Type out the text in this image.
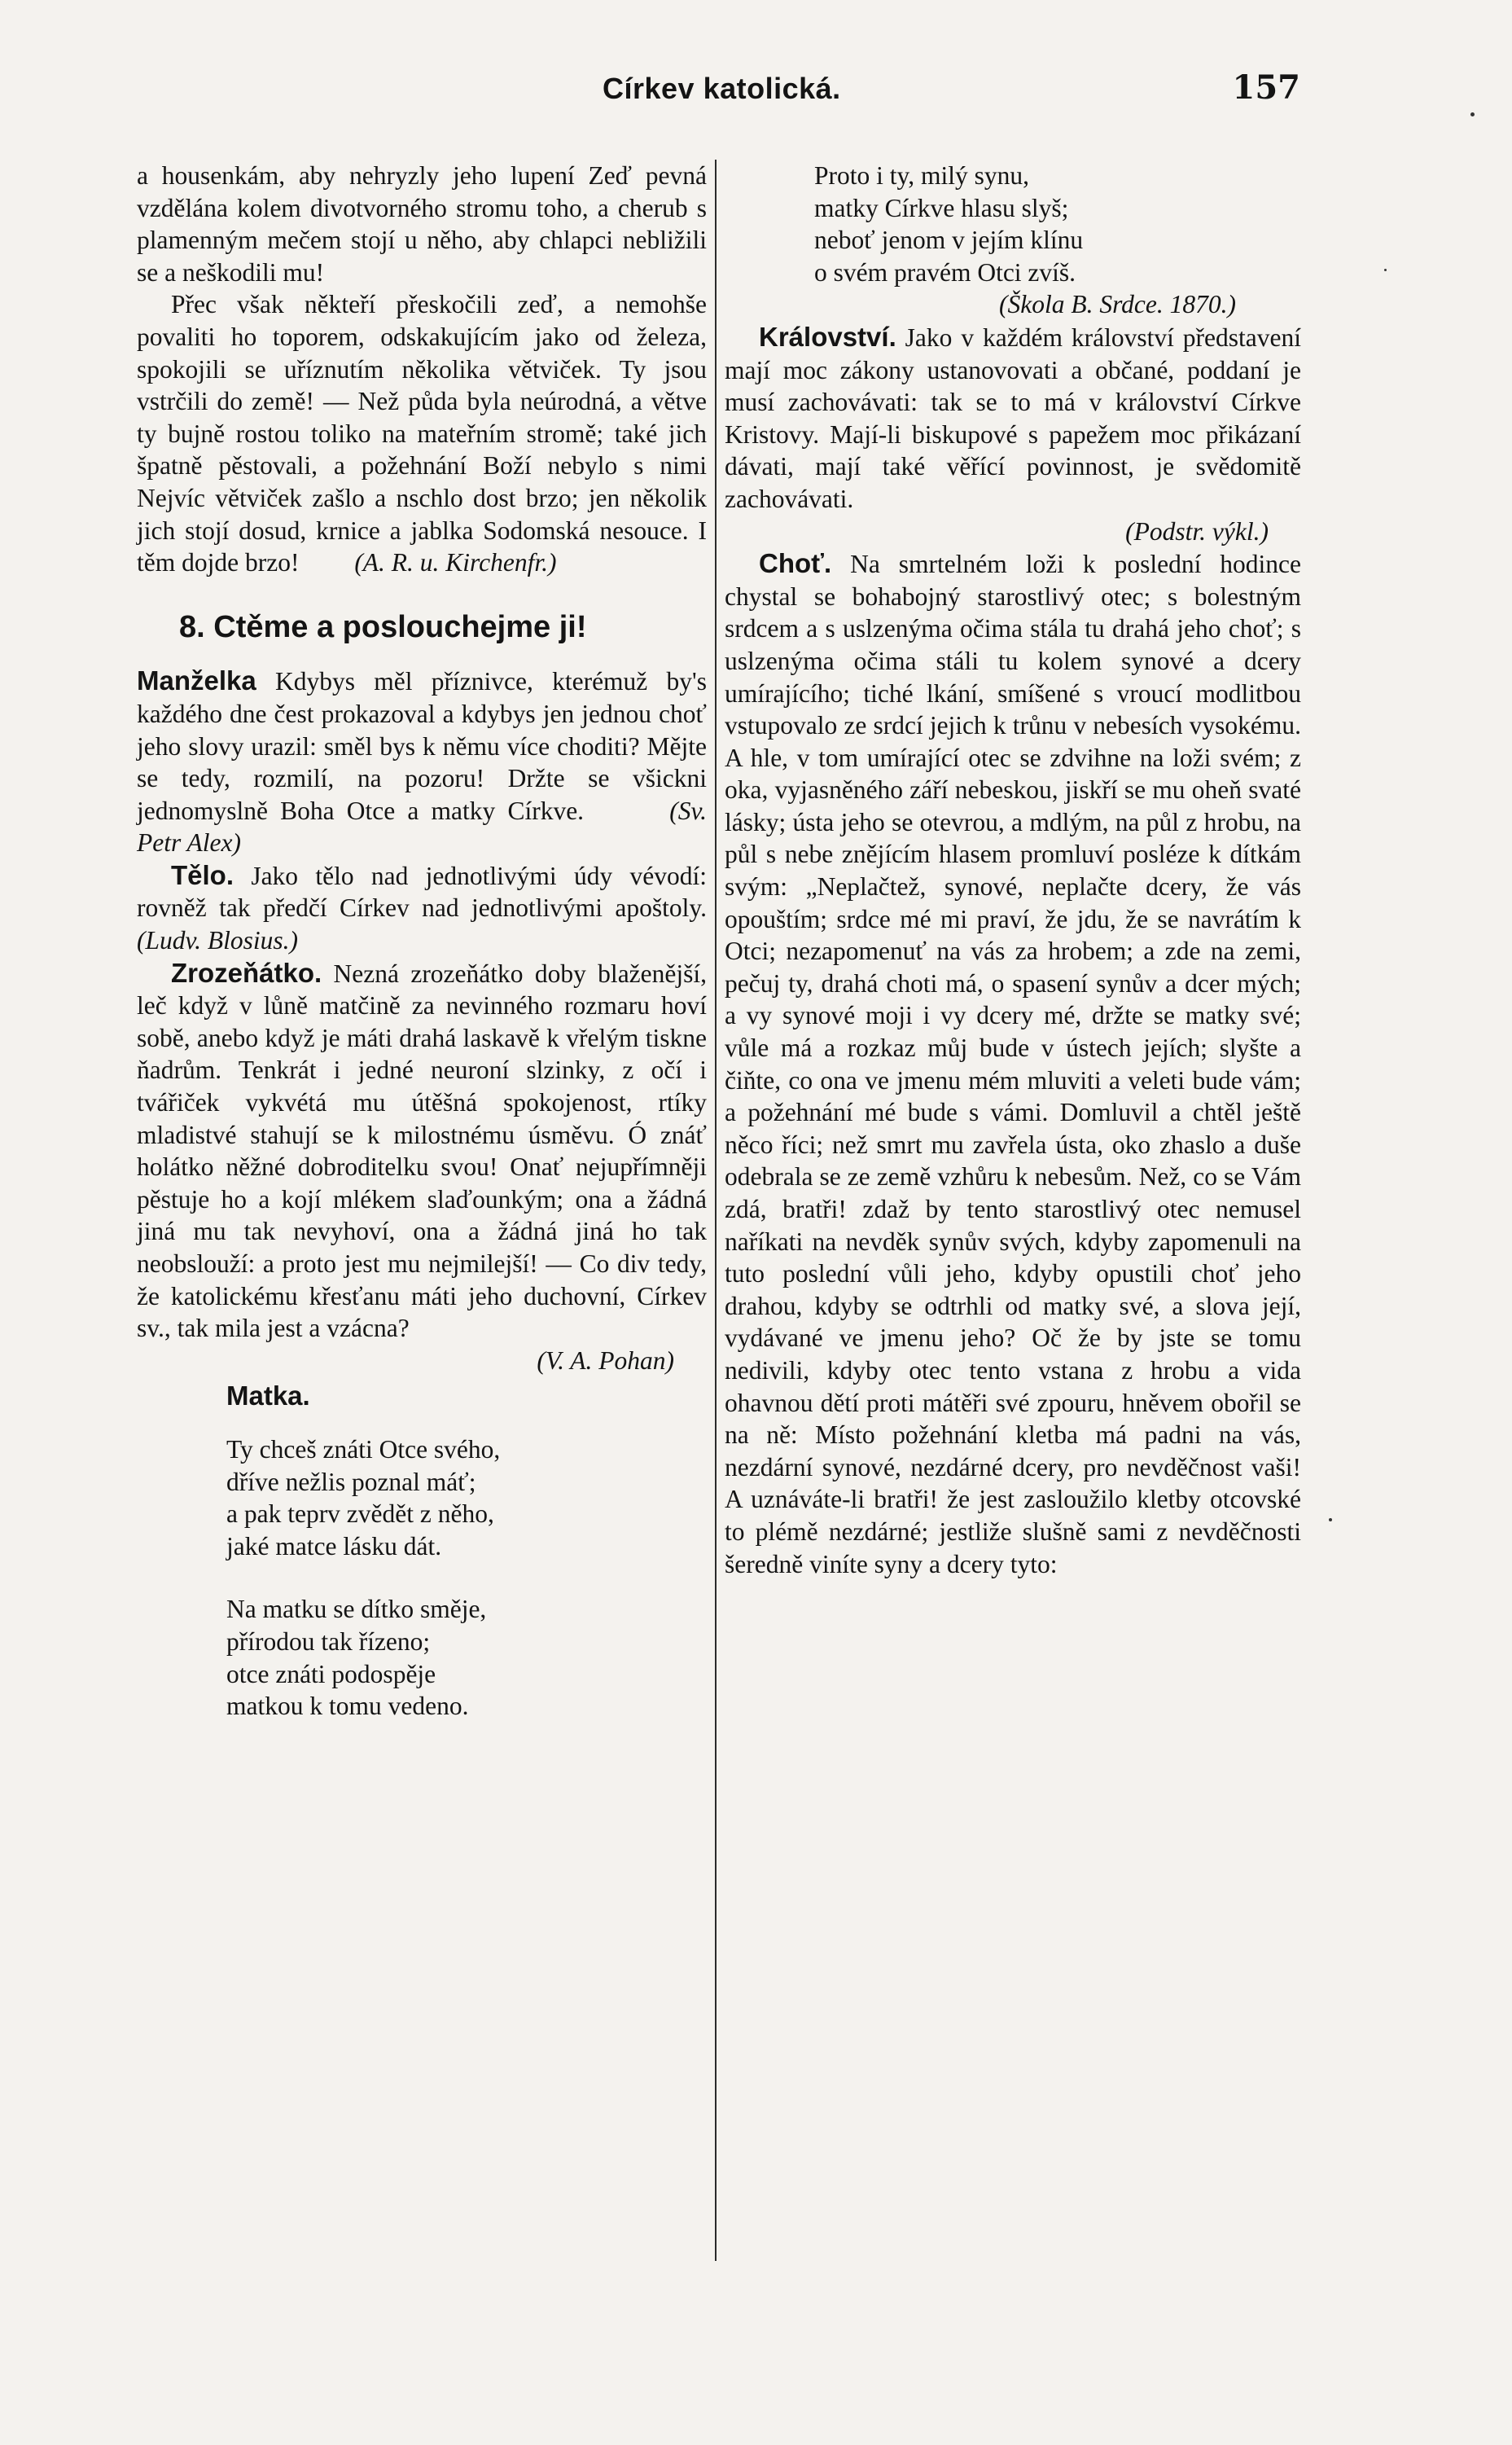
Církev katolická.	157

a housenkám, aby nehryzly jeho lupení Zeď pevná vzdělána kolem divotvorného stromu toho, a cherub s plamenným mečem stojí u něho, aby chlapci nebližili se a neškodili mu!

Přec však někteří přeskočili zeď, a nemohše povaliti ho toporem, odskakujícím jako od železa, spokojili se uříznutím několika větviček. Ty jsou vstrčili do země! — Než půda byla neúrodná, a větve ty bujně rostou toliko na mateřním stromě; také jich špatně pěstovali, a požehnání Boží nebylo s nimi Nejvíc větviček zašlo a nschlo dost brzo; jen několik jich stojí dosud, krnice a jablka Sodomská nesouce. I těm dojde brzo! (A. R. u. Kirchenfr.)

8. Ctěme a poslouchejme ji!

Manželka Kdybys měl příznivce, kterémuž by's každého dne čest prokazoval a kdybys jen jednou choť jeho slovy urazil: směl bys k němu více choditi? Mějte se tedy, rozmilí, na pozoru! Držte se všickni jednomyslně Boha Otce a matky Církve.	(Sv. Petr Alex)

Tělo. Jako tělo nad jednotlivými údy vévodí: rovněž tak předčí Církev nad jednotlivými apoštoly. (Ludv. Blosius.)

Zrozeňátko. Nezná zrozeňátko doby blaženější, leč když v lůně matčině za nevinného rozmaru hoví sobě, anebo když je máti drahá laskavě k vřelým tiskne ňadrům. Tenkrát i jedné neuroní slzinky, z očí i tvářiček vykvétá mu útěšná spokojenost, rtíky mladistvé stahují se k milostnému úsměvu. Ó znáť holátko něžné dobroditelku svou! Onať nejupřímněji pěstuje ho a kojí mlékem slaďounkým; ona a žádná jiná mu tak nevyhoví, ona a žádná jiná ho tak neobslouží: a proto jest mu nejmilejší! — Co div tedy, že katolickému křesťanu máti jeho duchovní, Církev sv., tak mila jest a vzácna?
(V. A. Pohan)

Matka.
Ty chceš znáti Otce svého,
dříve nežlis poznal máť;
a pak teprv zvědět z něho,
jaké matce lásku dát.
Na matku se dítko směje,
přírodou tak řízeno;
otce znáti podospěje
matkou k tomu vedeno.
Proto i ty, milý synu,
matky Církve hlasu slyš;
neboť jenom v jejím klínu
o svém pravém Otci zvíš.
(Škola B. Srdce. 1870.)

Království. Jako v každém království představení mají moc zákony ustanovovati a občané, poddaní je musí zachovávati: tak se to má v království Církve Kristovy. Mají-li biskupové s papežem moc přikázaní dávati, mají také věřící povinnost, je svědomitě zachovávati.
(Podstr. výkl.)

Choť. Na smrtelném loži k poslední hodince chystal se bohabojný starostlivý otec; s bolestným srdcem a s uslzenýma očima stála tu drahá jeho choť; s uslzenýma očima stáli tu kolem synové a dcery umírajícího; tiché lkání, smíšené s vroucí modlitbou vstupovalo ze srdcí jejich k trůnu v nebesích vysokému. A hle, v tom umírající otec se zdvihne na loži svém; z oka, vyjasněného září nebeskou, jiskří se mu oheň svaté lásky; ústa jeho se otevrou, a mdlým, na půl z hrobu, na půl s nebe znějícím hlasem promluví posléze k dítkám svým: „Neplačtež, synové, neplačte dcery, že vás opouštím; srdce mé mi praví, že jdu, že se navrátím k Otci; nezapomenuť na vás za hrobem; a zde na zemi, pečuj ty, drahá choti má, o spasení synův a dcer mých; a vy synové moji i vy dcery mé, držte se matky své; vůle má a rozkaz můj bude v ústech jejích; slyšte a čiňte, co ona ve jmenu mém mluviti a veleti bude vám; a požehnání mé bude s vámi. Domluvil a chtěl ještě něco říci; než smrt mu zavřela ústa, oko zhaslo a duše odebrala se ze země vzhůru k nebesům. Než, co se Vám zdá, bratři! zdaž by tento starostlivý otec nemusel naříkati na nevděk synův svých, kdyby zapomenuli na tuto poslední vůli jeho, kdyby opustili choť jeho drahou, kdyby se odtrhli od matky své, a slova její, vydávané ve jmenu jeho? Oč že by jste se tomu nedivili, kdyby otec tento vstana z hrobu a vida ohavnou dětí proti mátěři své zpouru, hněvem obořil se na ně: Místo požehnání kletba má padni na vás, nezdární synové, nezdárné dcery, pro nevděčnost vaši! A uznáváte-li bratři! že jest zasloužilo kletby otcovské to plémě nezdárné; jestliže slušně sami z nevděčnosti šeredně viníte syny a dcery tyto:
